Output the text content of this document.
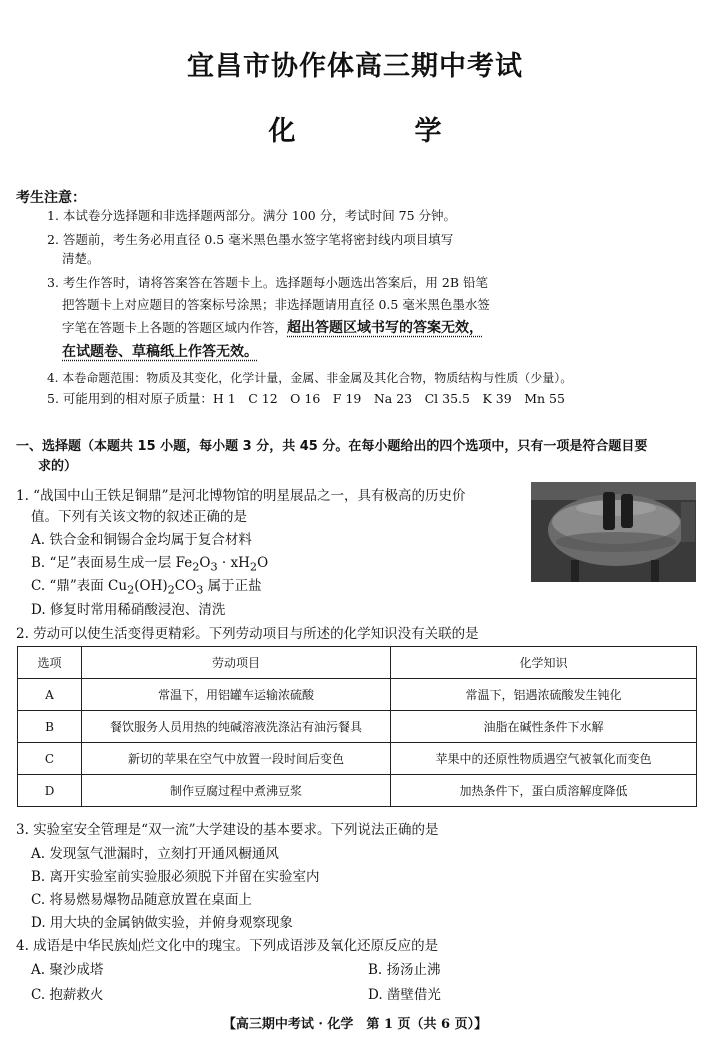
宜昌市协作体高三期中考试
化　学
考生注意：
1. 本试卷分选择题和非选择题两部分。满分 100 分，考试时间 75 分钟。
2. 答题前，考生务必用直径 0.5 毫米黑色墨水签字笔将密封线内项目填写
清楚。
3. 考生作答时，请将答案答在答题卡上。选择题每小题选出答案后，用 2B 铅笔
把答题卡上对应题目的答案标号涂黑；非选择题请用直径 0.5 毫米黑色墨水签
字笔在答题卡上各题的答题区域内作答，超出答题区域书写的答案无效，
在试题卷、草稿纸上作答无效。
4. 本卷命题范围：物质及其变化，化学计量，金属、非金属及其化合物，物质结构与性质（少量）。
5. 可能用到的相对原子质量：H 1　C 12　O 16　F 19　Na 23　Cl 35.5　K 39　Mn 55
一、选择题（本题共 15 小题，每小题 3 分，共 45 分。在每小题给出的四个选项中，只有一项是符合题目要
求的）
1. “战国中山王铁足铜鼎”是河北博物馆的明星展品之一，具有极高的历史价
值。下列有关该文物的叙述正确的是
A. 铁合金和铜锡合金均属于复合材料
B. “足”表面易生成一层 $Fe_2O_3 \cdot xH_2O$
C. “鼎”表面 $Cu_2(OH)_2CO_3$ 属于正盐
D. 修复时常用稀硝酸浸泡、清洗
2. 劳动可以使生活变得更精彩。下列劳动项目与所述的化学知识没有关联的是
选项	劳动项目	化学知识
A	常温下，用铝罐车运输浓硫酸	常温下，铝遇浓硫酸发生钝化
B	餐饮服务人员用热的纯碱溶液洗涤沾有油污餐具	油脂在碱性条件下水解
C	新切的苹果在空气中放置一段时间后变色	苹果中的还原性物质遇空气被氧化而变色
D	制作豆腐过程中煮沸豆浆	加热条件下，蛋白质溶解度降低
3. 实验室安全管理是“双一流”大学建设的基本要求。下列说法正确的是
A. 发现氢气泄漏时，立刻打开通风橱通风
B. 离开实验室前实验服必须脱下并留在实验室内
C. 将易燃易爆物品随意放置在桌面上
D. 用大块的金属钠做实验，并俯身观察现象
4. 成语是中华民族灿烂文化中的瑰宝。下列成语涉及氧化还原反应的是
A. 聚沙成塔	B. 扬汤止沸
C. 抱薪救火	D. 凿壁借光
【高三期中考试 · 化学　第 1 页（共 6 页）】
